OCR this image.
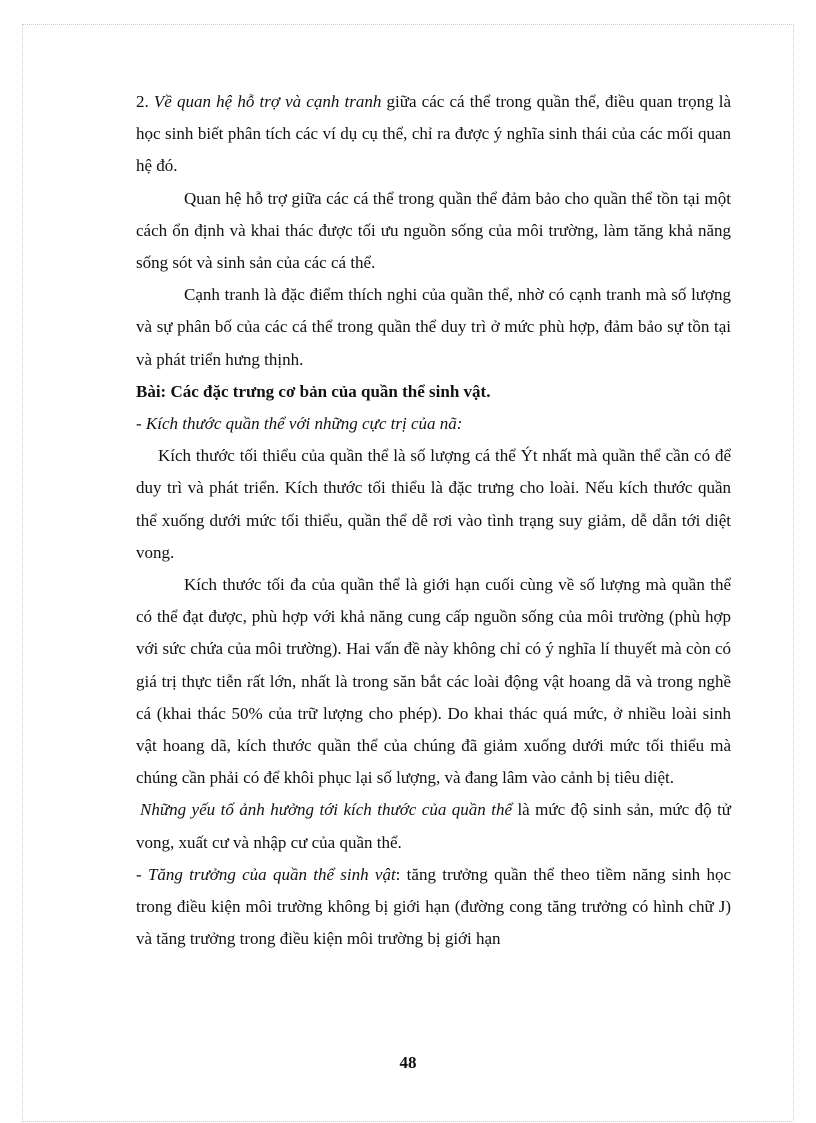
2. Về quan hệ hỗ trợ và cạnh tranh giữa các cá thể trong quần thể, điều quan trọng là học sinh biết phân tích các ví dụ cụ thể, chỉ ra được ý nghĩa sinh thái của các mối quan hệ đó.

Quan hệ hỗ trợ giữa các cá thể trong quần thể đảm bảo cho quần thể tồn tại một cách ổn định và khai thác được tối ưu nguồn sống của môi trường, làm tăng khả năng sống sót và sinh sản của các cá thể.

Cạnh tranh là đặc điểm thích nghi của quần thể, nhờ có cạnh tranh mà số lượng và sự phân bố của các cá thể trong quần thể duy trì ở mức phù hợp, đảm bảo sự tồn tại và phát triển hưng thịnh.

Bài: Các đặc trưng cơ bản của quần thể sinh vật.

- Kích thước quần thể với những cực trị của nã:

Kích thước tối thiểu của quần thể là số lượng cá thể Ýt nhất mà quần thể cần có để duy trì và phát triển. Kích thước tối thiểu là đặc trưng cho loài. Nếu kích thước quần thể xuống dưới mức tối thiểu, quần thể dễ rơi vào tình trạng suy giảm, dễ dẫn tới diệt vong.

Kích thước tối đa của quần thể là giới hạn cuối cùng về số lượng mà quần thể có thể đạt được, phù hợp với khả năng cung cấp nguồn sống của môi trường (phù hợp với sức chứa của môi trường). Hai vấn đề này không chỉ có ý nghĩa lí thuyết mà còn có giá trị thực tiễn rất lớn, nhất là trong săn bắt các loài động vật hoang dã và trong nghề cá (khai thác 50% của trữ lượng cho phép). Do khai thác quá mức, ở nhiều loài sinh vật hoang dã, kích thước quần thể của chúng đã giảm xuống dưới mức tối thiểu mà chúng cần phải có để khôi phục lại số lượng, và đang lâm vào cảnh bị tiêu diệt.

Những yếu tố ảnh hưởng tới kích thước của quần thể là mức độ sinh sản, mức độ tử vong, xuất cư và nhập cư của quần thể.

- Tăng trưởng của quần thể sinh vật: tăng trưởng quần thể theo tiềm năng sinh học trong điều kiện môi trường không bị giới hạn (đường cong tăng trưởng có hình chữ J) và tăng trưởng trong điều kiện môi trường bị giới hạn

48
